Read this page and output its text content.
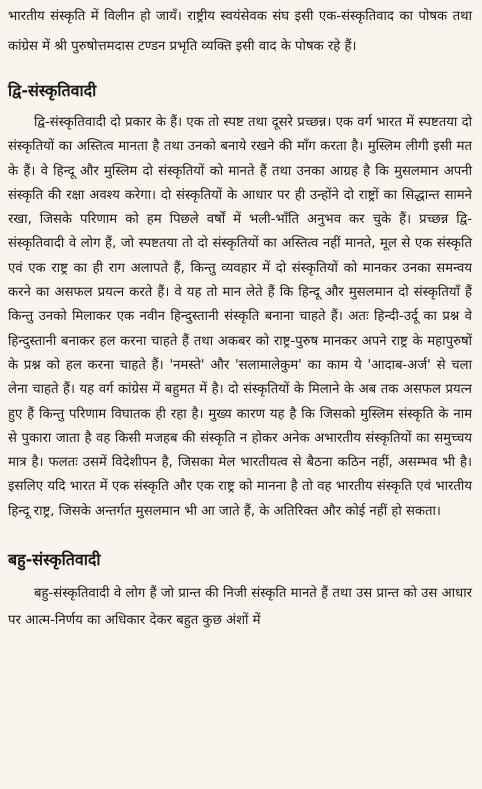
भारतीय संस्कृति में विलीन हो जायँ। राष्ट्रीय स्वयंसेवक संघ इसी एक-संस्कृतिवाद का पोषक तथा कांग्रेस में श्री पुरुषोत्तमदास टण्डन प्रभृति व्यक्ति इसी वाद के पोषक रहे हैं।

द्वि-संस्कृतिवादी

द्वि-संस्कृतिवादी दो प्रकार के हैं। एक तो स्पष्ट तथा दूसरे प्रच्छन्न। एक वर्ग भारत में स्पष्टतया दो संस्कृतियों का अस्तित्व मानता है तथा उनको बनाये रखने की माँग करता है। मुस्लिम लीगी इसी मत के हैं। वे हिन्दू और मुस्लिम दो संस्कृतियों को मानते हैं तथा उनका आग्रह है कि मुसलमान अपनी संस्कृति की रक्षा अवश्य करेगा। दो संस्कृतियों के आधार पर ही उन्होंने दो राष्ट्रों का सिद्धान्त सामने रखा, जिसके परिणाम को हम पिछले वर्षों में भली-भाँति अनुभव कर चुके हैं। प्रच्छन्न द्वि-संस्कृतिवादी वे लोग हैं, जो स्पष्टतया तो दो संस्कृतियों का अस्तित्व नहीं मानते, मूल से एक संस्कृति एवं एक राष्ट्र का ही राग अलापते हैं, किन्तु व्यवहार में दो संस्कृतियों को मानकर उनका समन्वय करने का असफल प्रयत्न करते हैं। वे यह तो मान लेते हैं कि हिन्दू और मुसलमान दो संस्कृतियाँ हैं किन्तु उनको मिलाकर एक नवीन हिन्दुस्तानी संस्कृति बनाना चाहते हैं। अतः हिन्दी-उर्दू का प्रश्न वे हिन्दुस्तानी बनाकर हल करना चाहते हैं तथा अकबर को राष्ट्र-पुरुष मानकर अपने राष्ट्र के महापुरुषों के प्रश्न को हल करना चाहते हैं। 'नमस्ते' और 'सलामालेकुम' का काम ये 'आदाब-अर्ज' से चला लेना चाहते हैं। यह वर्ग कांग्रेस में बहुमत में है। दो संस्कृतियों के मिलाने के अब तक असफल प्रयत्न हुए हैं किन्तु परिणाम विघातक ही रहा है। मुख्य कारण यह है कि जिसको मुस्लिम संस्कृति के नाम से पुकारा जाता है वह किसी मजहब की संस्कृति न होकर अनेक अभारतीय संस्कृतियों का समुच्चय मात्र है। फलतः उसमें विदेशीपन है, जिसका मेल भारतीयत्व से बैठना कठिन नहीं, असम्भव भी है। इसलिए यदि भारत में एक संस्कृति और एक राष्ट्र को मानना है तो वह भारतीय संस्कृति एवं भारतीय हिन्दू राष्ट्र, जिसके अन्तर्गत मुसलमान भी आ जाते हैं, के अतिरिक्त और कोई नहीं हो सकता।

बहु-संस्कृतिवादी

बहु-संस्कृतिवादी वे लोग हैं जो प्रान्त की निजी संस्कृति मानते हैं तथा उस प्रान्त को उस आधार पर आत्म-निर्णय का अधिकार देकर बहुत कुछ अंशों में
